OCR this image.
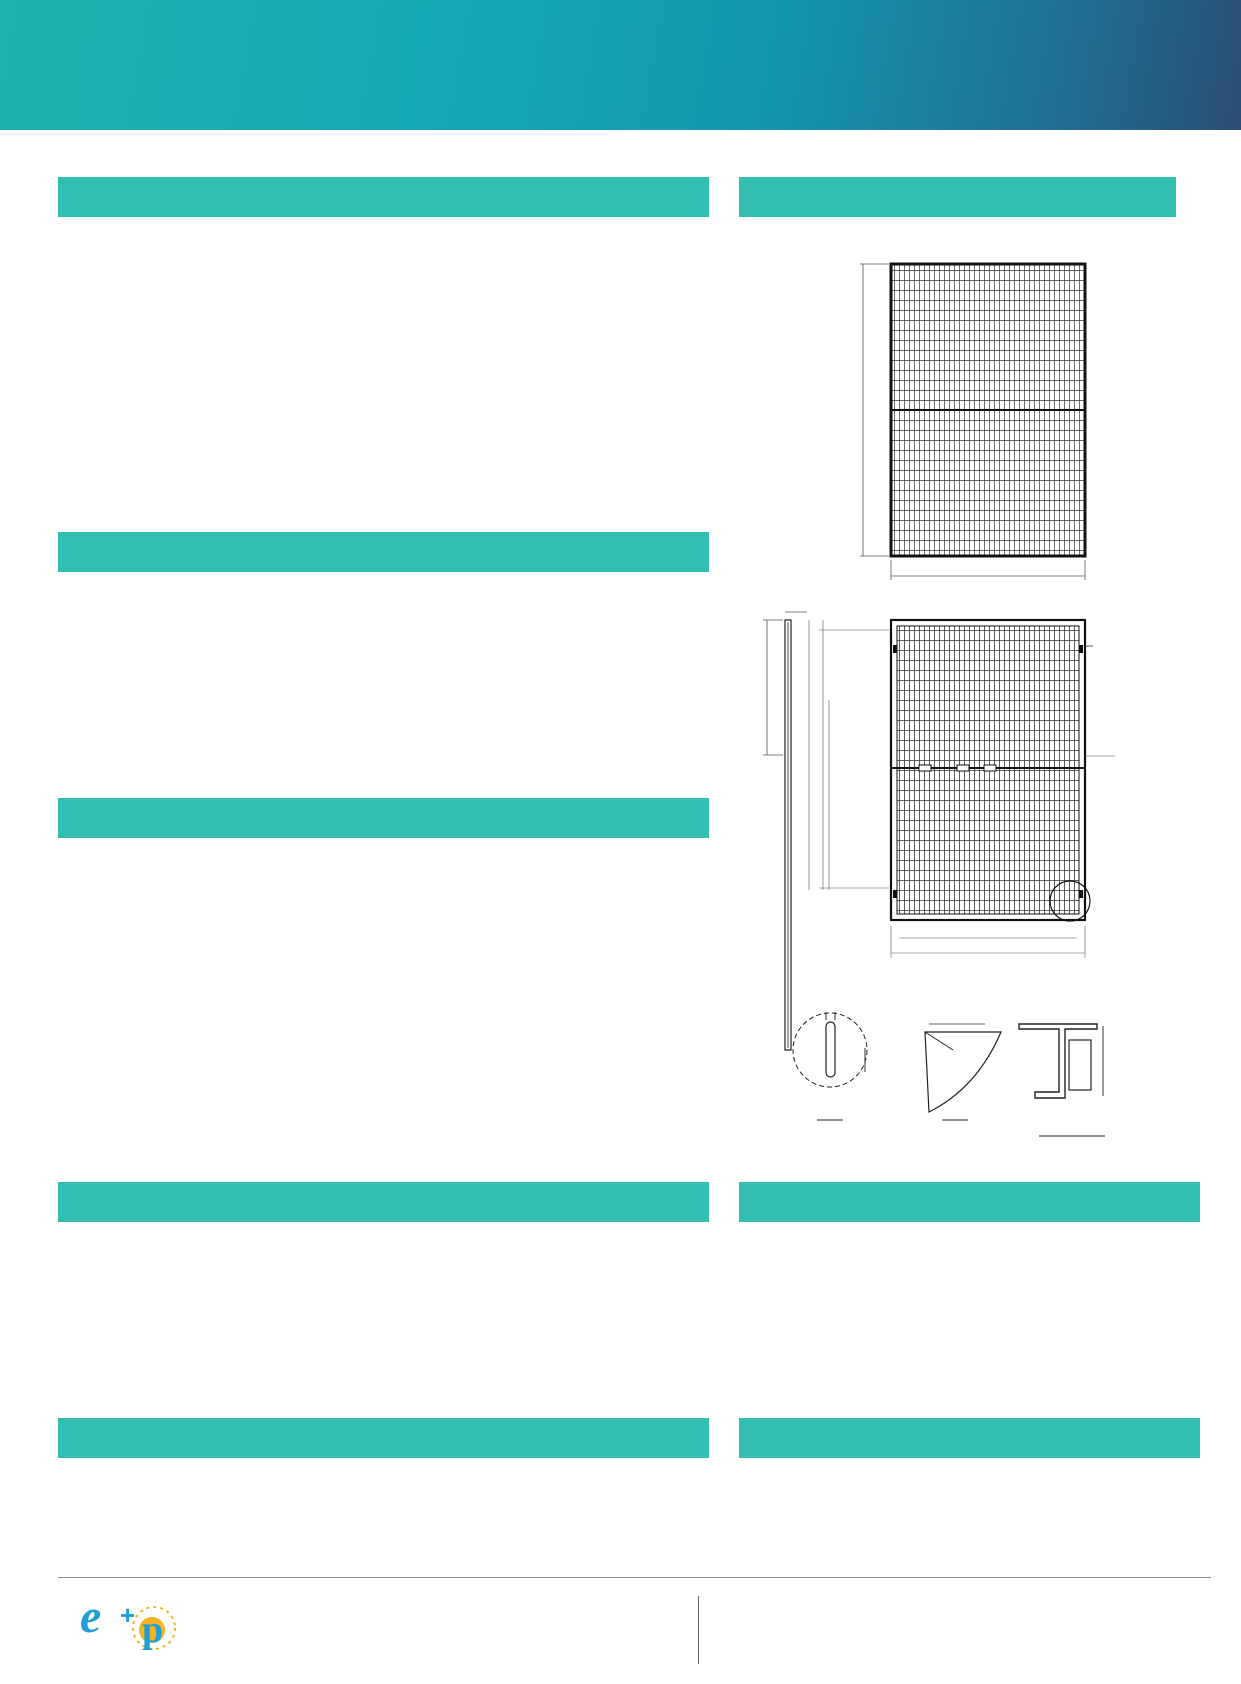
e + p
